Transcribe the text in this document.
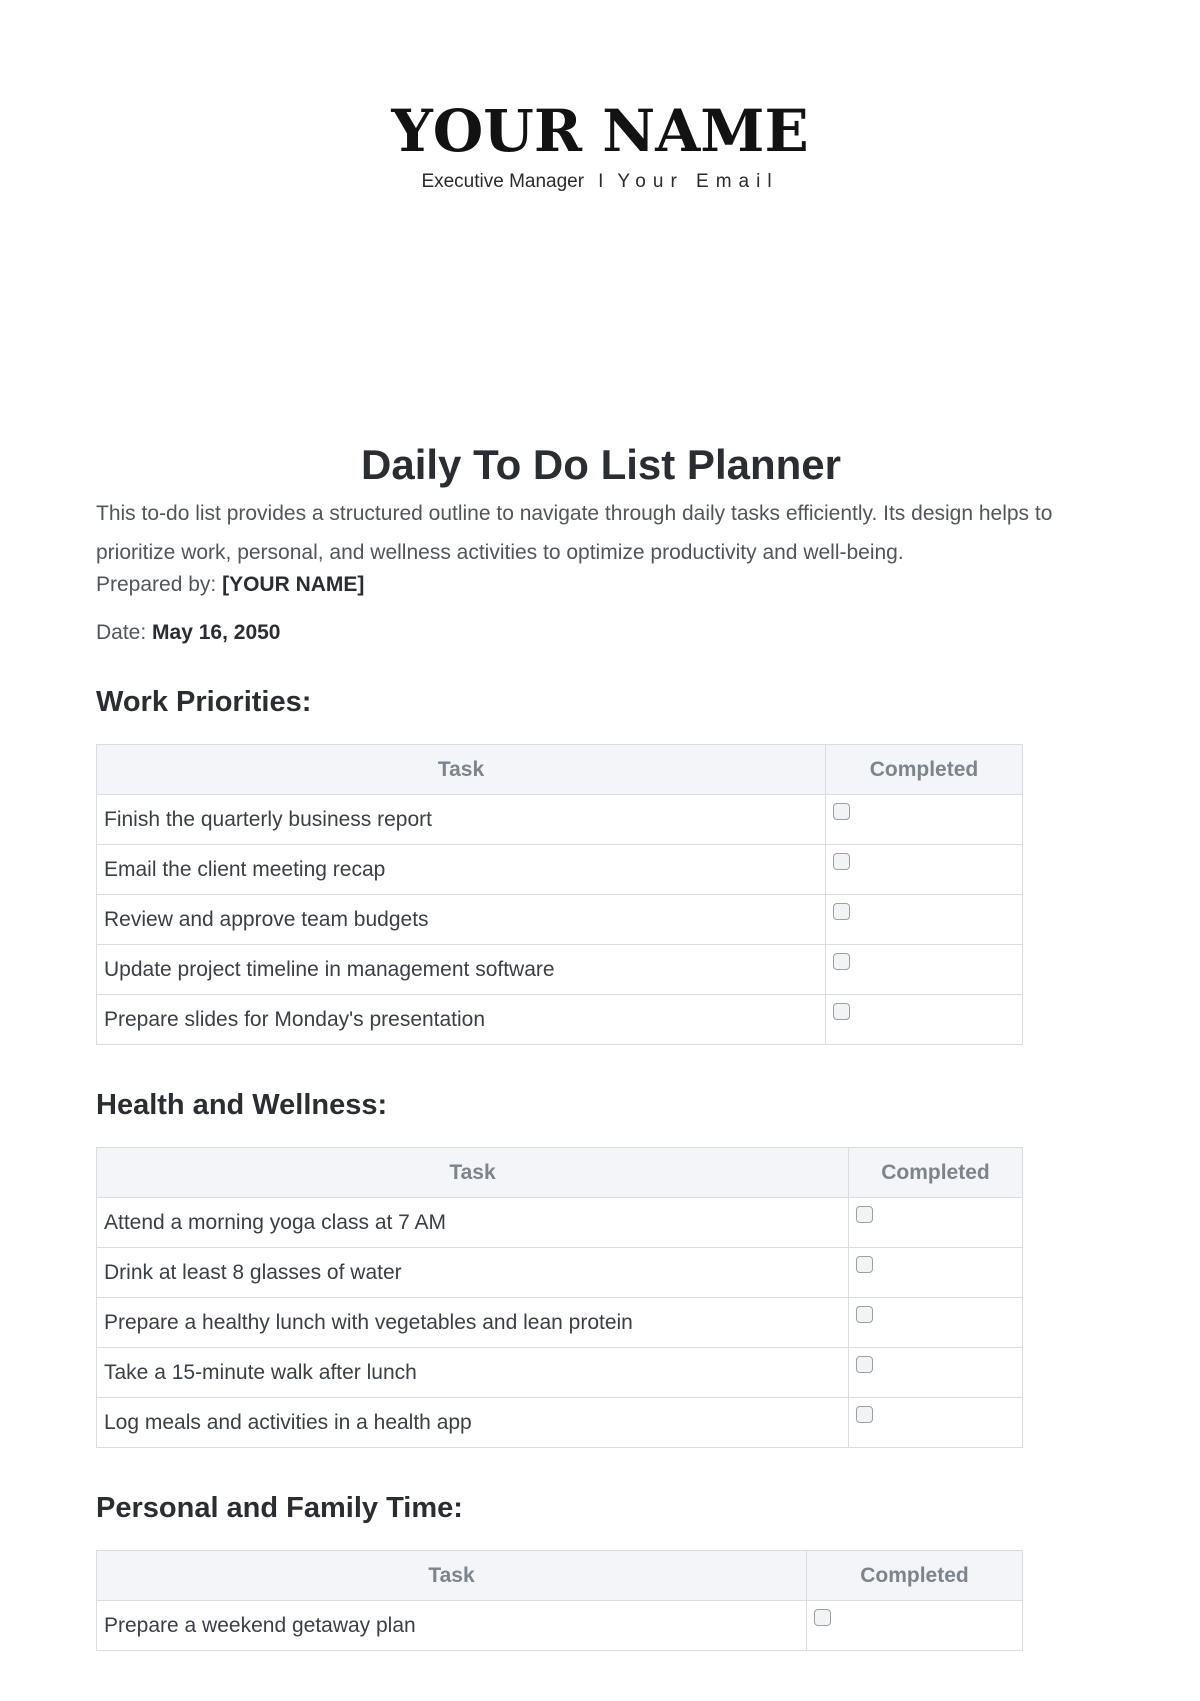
YOUR NAME
Executive Manager I Your Email
Daily To Do List Planner

This to-do list provides a structured outline to navigate through daily tasks efficiently. Its design helps to prioritize work, personal, and wellness activities to optimize productivity and well-being.

Prepared by: [YOUR NAME]

Date: May 16, 2050

Work Priorities:
Task	Completed
Finish the quarterly business report	
Email the client meeting recap	
Review and approve team budgets	
Update project timeline in management software	
Prepare slides for Monday's presentation	
Health and Wellness:
Task	Completed
Attend a morning yoga class at 7 AM	
Drink at least 8 glasses of water	
Prepare a healthy lunch with vegetables and lean protein	
Take a 15-minute walk after lunch	
Log meals and activities in a health app	
Personal and Family Time:
Task	Completed
Prepare a weekend getaway plan	
